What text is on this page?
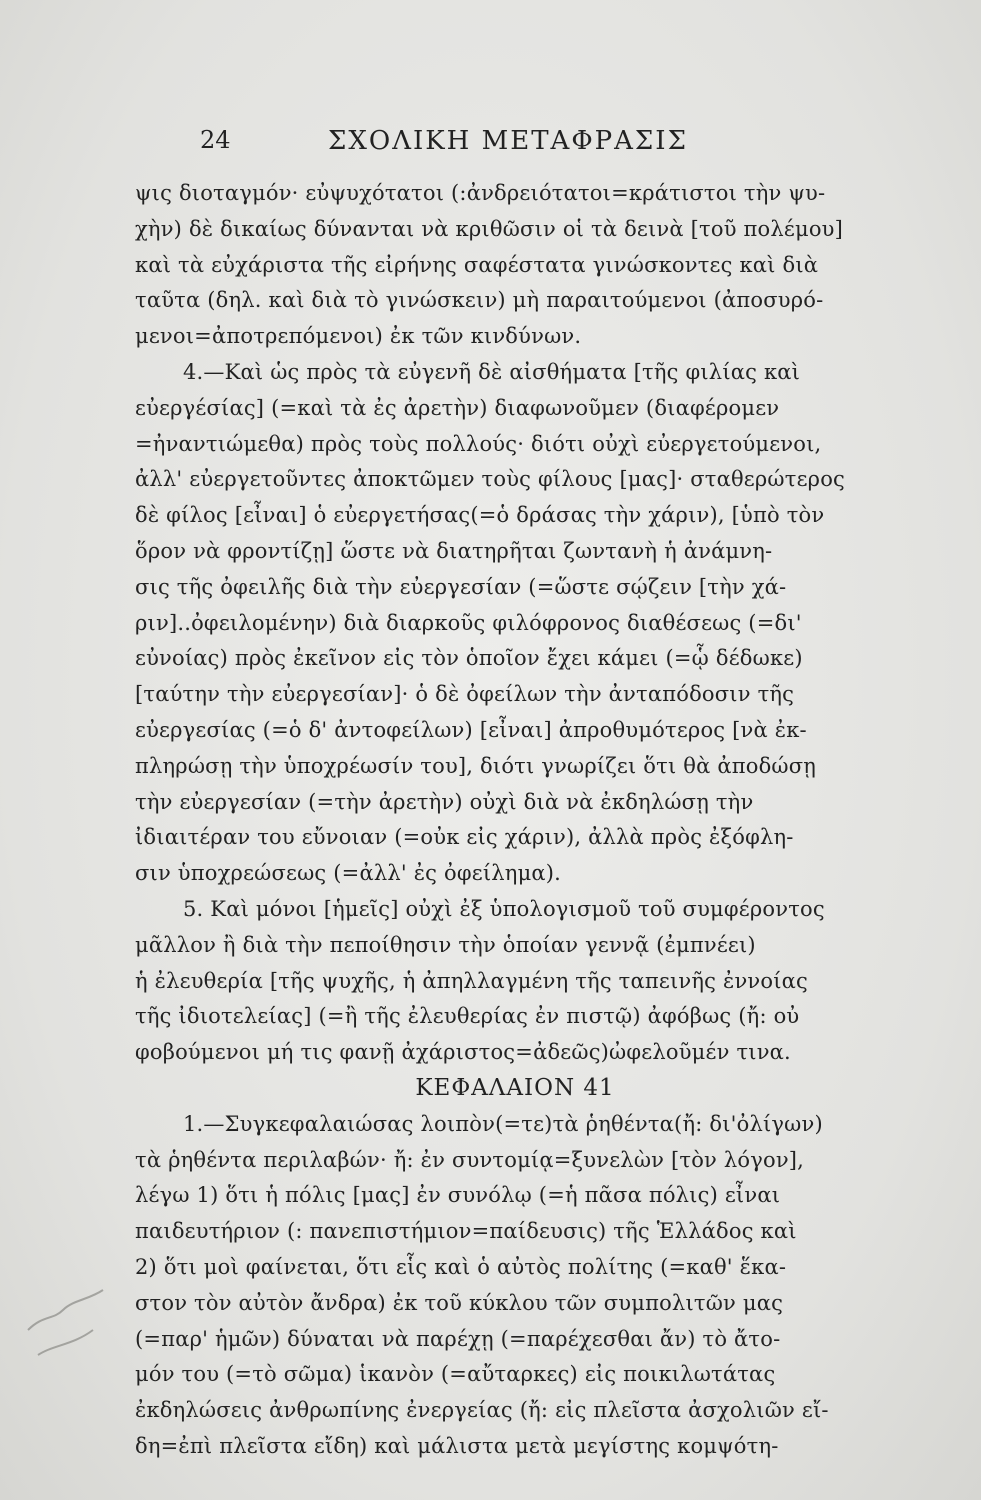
24	ΣΧΟΛΙΚΗ ΜΕΤΑΦΡΑΣΙΣ
ψις διοταγμόν· εὐψυχότατοι (:ἀνδρειότατοι=κράτιστοι τὴν ψυ-
χὴν) δὲ δικαίως δύνανται νὰ κριθῶσιν οἱ τὰ δεινὰ [τοῦ πολέμου]
καὶ τὰ εὐχάριστα τῆς εἰρήνης σαφέστατα γινώσκοντες καὶ διὰ
ταῦτα (δηλ. καὶ διὰ τὸ γινώσκειν) μὴ παραιτούμενοι (ἀποσυρό-
μενοι=ἀποτρεπόμενοι) ἐκ τῶν κινδύνων.
4.—Καὶ ὡς πρὸς τὰ εὐγενῆ δὲ αἰσθήματα [τῆς φιλίας καὶ
εὐεργέσίας] (=καὶ τὰ ἐς ἀρετὴν) διαφωνοῦμεν (διαφέρομεν
=ἠναντιώμεθα) πρὸς τοὺς πολλούς· διότι οὐχὶ εὐεργετούμενοι,
ἀλλ' εὐεργετοῦντες ἀποκτῶμεν τοὺς φίλους [μας]· σταθερώτερος
δὲ φίλος [εἶναι] ὁ εὐεργετήσας(=ὁ δράσας τὴν χάριν), [ὑπὸ τὸν
ὅρον νὰ φροντίζῃ] ὥστε νὰ διατηρῆται ζωντανὴ ἡ ἀνάμνη-
σις τῆς ὀφειλῆς διὰ τὴν εὐεργεσίαν (=ὥστε σῴζειν [τὴν χά-
ριν]..ὀφειλομένην) διὰ διαρκοῦς φιλόφρονος διαθέσεως (=δι'
εὐνοίας) πρὸς ἐκεῖνον εἰς τὸν ὁποῖον ἔχει κάμει (=ᾧ δέδωκε)
[ταύτην τὴν εὐεργεσίαν]· ὁ δὲ ὀφείλων τὴν ἀνταπόδοσιν τῆς
εὐεργεσίας (=ὁ δ' ἀντοφείλων) [εἶναι] ἀπροθυμότερος [νὰ ἐκ-
πληρώσῃ τὴν ὑποχρέωσίν του], διότι γνωρίζει ὅτι θὰ ἀποδώσῃ
τὴν εὐεργεσίαν (=τὴν ἀρετὴν) οὐχὶ διὰ νὰ ἐκδηλώσῃ τὴν
ἰδιαιτέραν του εὔνοιαν (=οὐκ εἰς χάριν), ἀλλὰ πρὸς ἐξόφλη-
σιν ὑποχρεώσεως (=ἀλλ' ἐς ὀφείλημα).
5. Καὶ μόνοι [ἡμεῖς] οὐχὶ ἐξ ὑπολογισμοῦ τοῦ συμφέροντος
μᾶλλον ἢ διὰ τὴν πεποίθησιν τὴν ὁποίαν γεννᾷ (ἐμπνέει)
ἡ ἐλευθερία [τῆς ψυχῆς, ἡ ἀπηλλαγμένη τῆς ταπεινῆς ἐννοίας
τῆς ἰδιοτελείας] (=ἢ τῆς ἐλευθερίας ἐν πιστῷ) ἀφόβως (ἤ: οὐ
φοβούμενοι μή τις φανῇ ἀχάριστος=ἀδεῶς)ὠφελοῦμέν τινα.
ΚΕΦΑΛΑΙΟΝ 41
1.—Συγκεφαλαιώσας λοιπὸν(=τε)τὰ ῥηθέντα(ἤ: δι'ὀλίγων)
τὰ ῥηθέντα περιλαβών· ἤ: ἐν συντομίᾳ=ξυνελὼν [τὸν λόγον],
λέγω 1) ὅτι ἡ πόλις [μας] ἐν συνόλῳ (=ἡ πᾶσα πόλις) εἶναι
παιδευτήριον (: πανεπιστήμιον=παίδευσις) τῆς Ἑλλάδος καὶ
2) ὅτι μοὶ φαίνεται, ὅτι εἷς καὶ ὁ αὐτὸς πολίτης (=καθ' ἕκα-
στον τὸν αὐτὸν ἄνδρα) ἐκ τοῦ κύκλου τῶν συμπολιτῶν μας
(=παρ' ἡμῶν) δύναται νὰ παρέχῃ (=παρέχεσθαι ἄν) τὸ ἄτο-
μόν του (=τὸ σῶμα) ἱκανὸν (=αὔταρκες) εἰς ποικιλωτάτας
ἐκδηλώσεις ἀνθρωπίνης ἐνεργείας (ἤ: εἰς πλεῖστα ἀσχολιῶν εἴ-
δη=ἐπὶ πλεῖστα εἴδη) καὶ μάλιστα μετὰ μεγίστης κομψότη-
